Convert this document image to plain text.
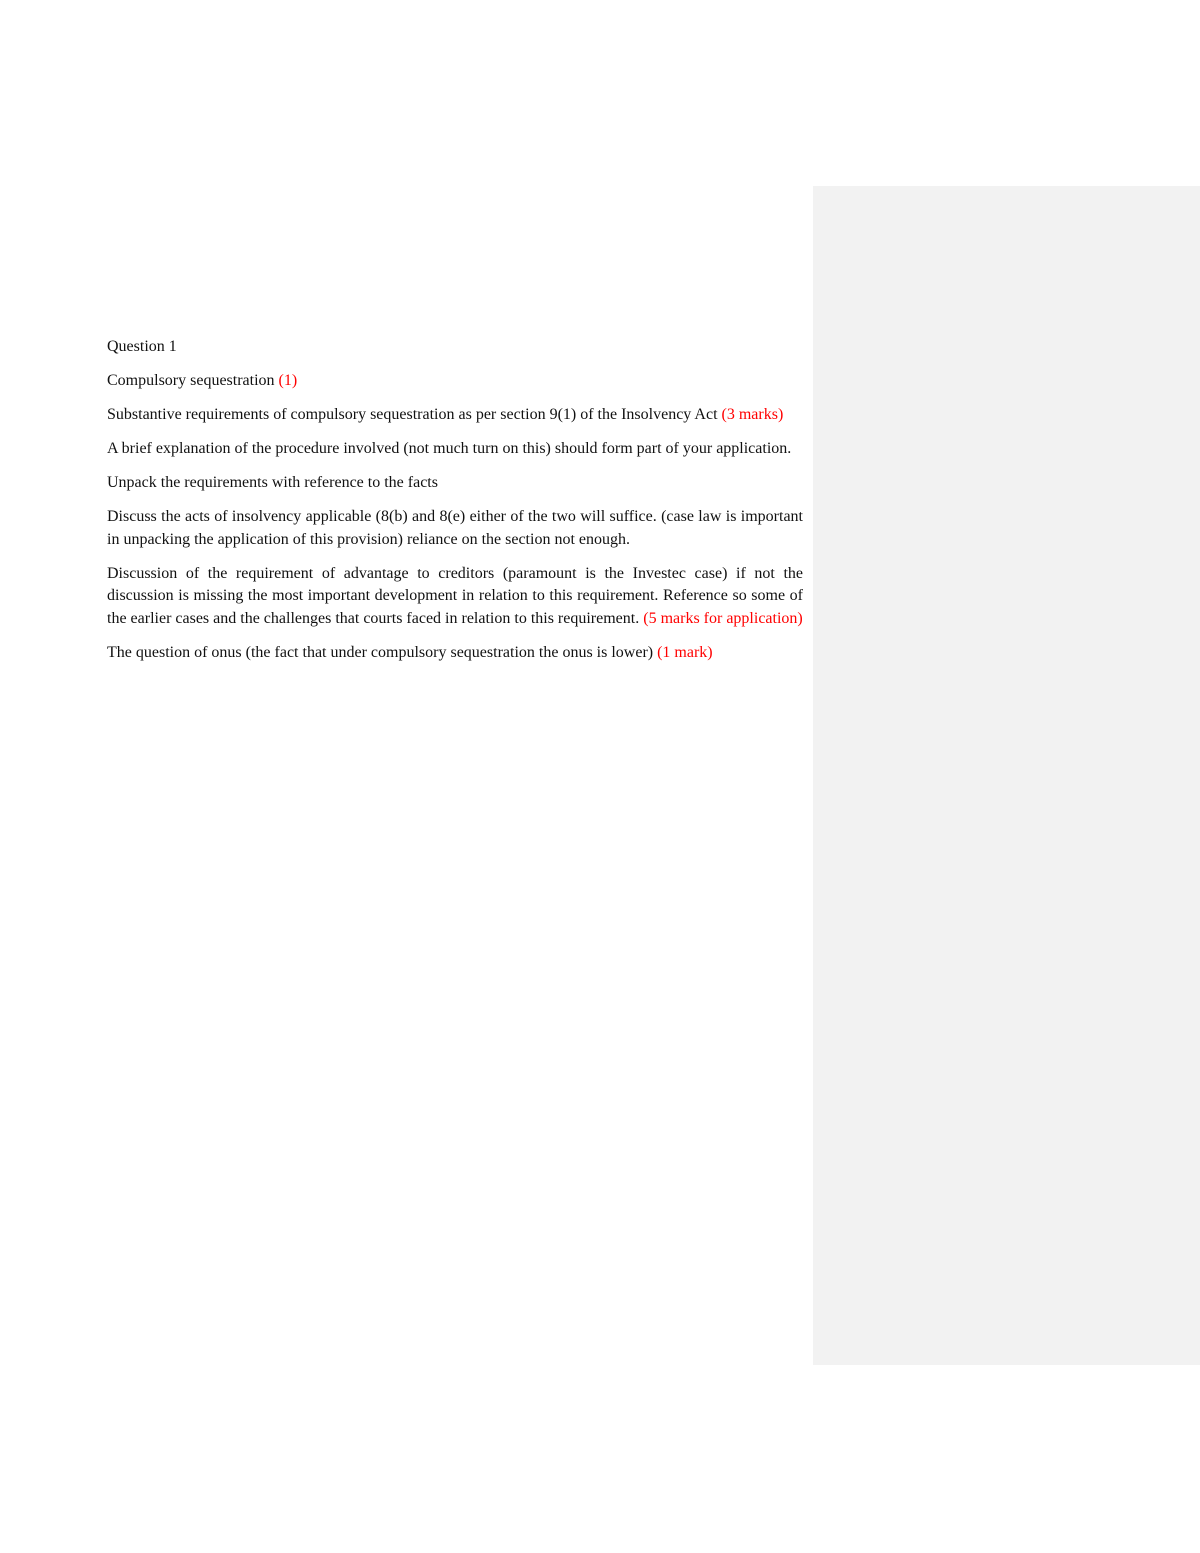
Question 1

Compulsory sequestration (1)

Substantive requirements of compulsory sequestration as per section 9(1) of the Insolvency Act (3 marks)

A brief explanation of the procedure involved (not much turn on this) should form part of your application.

Unpack the requirements with reference to the facts

Discuss the acts of insolvency applicable (8(b) and 8(e) either of the two will suffice. (case law is important in unpacking the application of this provision) reliance on the section not enough.

Discussion of the requirement of advantage to creditors (paramount is the Investec case) if not the discussion is missing the most important development in relation to this requirement. Reference so some of the earlier cases and the challenges that courts faced in relation to this requirement. (5 marks for application)

The question of onus (the fact that under compulsory sequestration the onus is lower) (1 mark)
